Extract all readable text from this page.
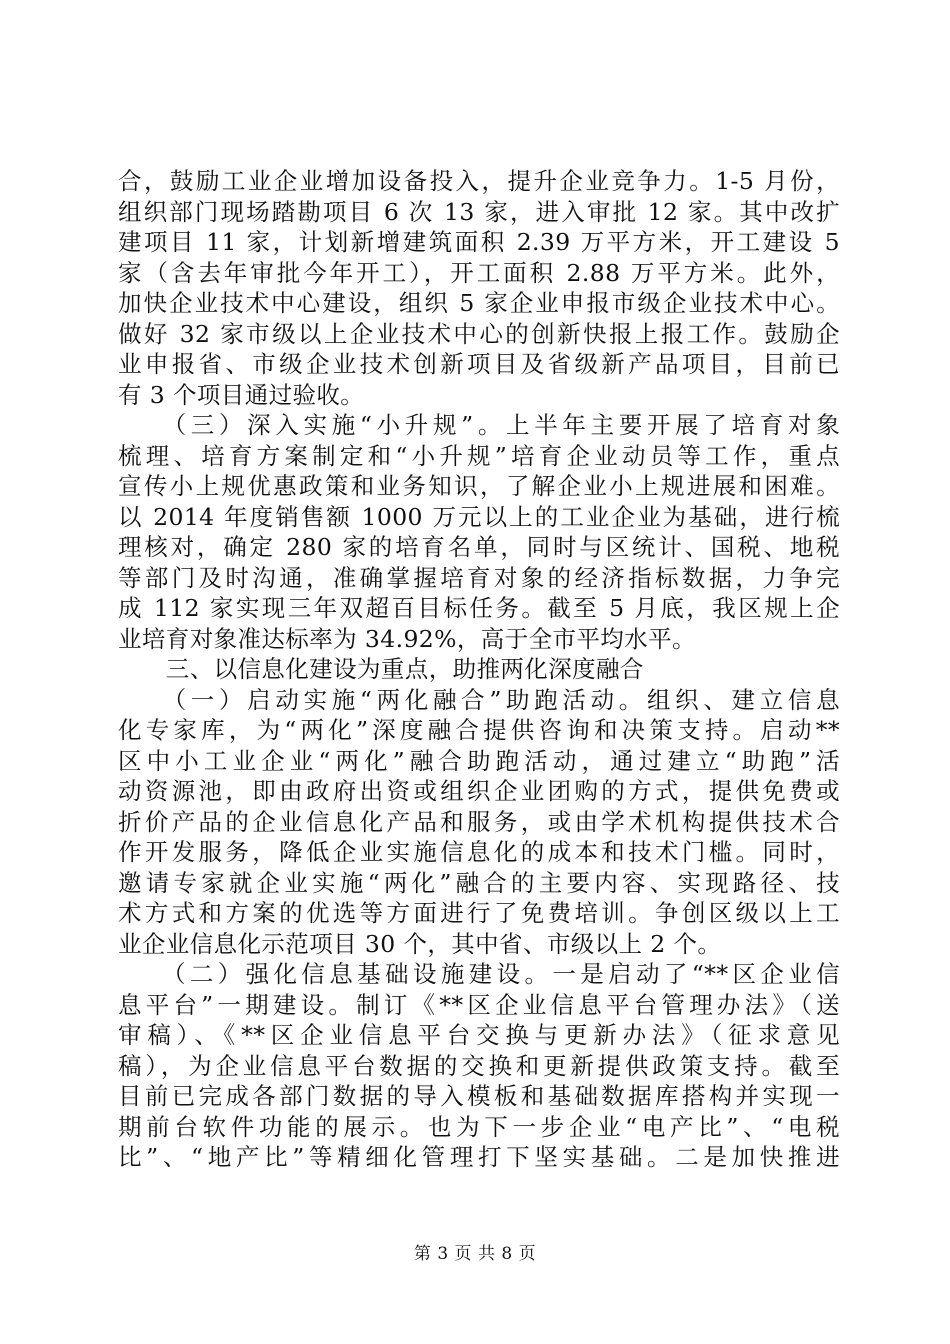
合，鼓励工业企业增加设备投入，提升企业竞争力。1-5 月份，
组织部门现场踏勘项目 6 次 13 家，进入审批 12 家。其中改扩
建项目 11 家，计划新增建筑面积 2.39 万平方米，开工建设 5
家（含去年审批今年开工），开工面积 2.88 万平方米。此外，
加快企业技术中心建设，组织 5 家企业申报市级企业技术中心。
做好 32 家市级以上企业技术中心的创新快报上报工作。鼓励企
业申报省、市级企业技术创新项目及省级新产品项目，目前已
有 3 个项目通过验收。
　　（三）深入实施“小升规”。上半年主要开展了培育对象
梳理、培育方案制定和“小升规”培育企业动员等工作，重点
宣传小上规优惠政策和业务知识，了解企业小上规进展和困难。
以 2014 年度销售额 1000 万元以上的工业企业为基础，进行梳
理核对，确定 280 家的培育名单，同时与区统计、国税、地税
等部门及时沟通，准确掌握培育对象的经济指标数据，力争完
成 112 家实现三年双超百目标任务。截至 5 月底，我区规上企
业培育对象准达标率为 34.92%，高于全市平均水平。
　　三、以信息化建设为重点，助推两化深度融合
　　（一）启动实施“两化融合”助跑活动。组织、建立信息
化专家库，为“两化”深度融合提供咨询和决策支持。启动**
区中小工业企业“两化”融合助跑活动，通过建立“助跑”活
动资源池，即由政府出资或组织企业团购的方式，提供免费或
折价产品的企业信息化产品和服务，或由学术机构提供技术合
作开发服务，降低企业实施信息化的成本和技术门槛。同时，
邀请专家就企业实施“两化”融合的主要内容、实现路径、技
术方式和方案的优选等方面进行了免费培训。争创区级以上工
业企业信息化示范项目 30 个，其中省、市级以上 2 个。
　　（二）强化信息基础设施建设。一是启动了“**区企业信
息平台”一期建设。制订《**区企业信息平台管理办法》（送
审稿）、《**区企业信息平台交换与更新办法》（征求意见
稿），为企业信息平台数据的交换和更新提供政策支持。截至
目前已完成各部门数据的导入模板和基础数据库搭构并实现一
期前台软件功能的展示。也为下一步企业“电产比”、“电税
比”、“地产比”等精细化管理打下坚实基础。二是加快推进
第 3 页 共 8 页
